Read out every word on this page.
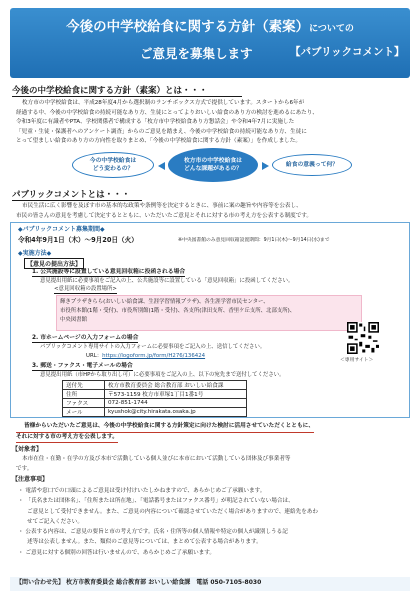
今後の中学校給食に関する方針（素案）についての
ご意見を募集します	【パブリックコメント】
今後の中学校給食に関する方針（素案）とは・・・
枚方市の中学校給食は、平成28年度4月から選択制のランチボックス方式で提供しています。スタートから6年が
経過する中、今後の中学校給食の持続可能なあり方、生徒にとってよりおいしい給食のあり方の検討を進めるにあたり、
令和3年度に有識者やPTA、学校関係者で構成する「枚方市中学校給食あり方懇話会」や令和4年7月に実施した
「児童・生徒・保護者へのアンケート調査」からのご意見を踏まえ、今後の中学校給食の持続可能なあり方、生徒に
とって望ましい給食のあり方の方向性を取りまとめ、「今後の中学校給食に関する方針（素案）」を作成しました。
今の中学校給食は
どう変わるの？
枚方市の中学校給食は
どんな課題があるの？
給食の意義って何？
パブリックコメントとは・・・
市民生活に広く影響を及ぼす市の基本的な政策や条例等を決定するときに、事前に案の趣旨や内容等を公表し、
市民の皆さんの意見を考慮して決定するとともに、いただいたご意見とそれに対する市の考え方を公表する制度です。
◆パブリックコメント募集期間◆
令和4年9月1日（木）～9月20日（火）	※中央図書館のみ意見回収箱設置期間：9月1日(木)～9月14日(水)まで
◆実施方法◆
【意見の提出方法】
1. 公共施設等に設置している意見回収箱に投函される場合
意見提出用紙に必要事項をご記入の上、公共施設等に設置している「意見回収箱」に投函してください。
<意見回収箱の設置場所>
輝きプラザきらら(おいしい給食課、生涯学習情報プラザ)、各生涯学習市民センター、
市役所本館(1階・受付)、市役所別館(1階・受付)、各支所(津田支所、香里ケ丘支所、北部支所)、
中央図書館
2. 市ホームページの入力フォームの場合
パブリックコメント専用サイトの入力フォームに必要事項をご記入の上、送信してください。
URL：https://logoform.jp/form/H276/136424
＜専用サイト＞
3. 郵送・ファクス・電子メールの場合
意見提出用紙（市HPから取り出し可）に必要事項をご記入の上、以下の宛先まで送付してください。
送付先	枚方市教育委員会 総合教育部 おいしい給食課
住所	〒573-1159 枚方市車塚1丁目1番1号
ファクス	072-851-1744
メール	kyushok@city.hirakata.osaka.jp
皆様からいただいたご意見は、今後の中学校給食に関する方針策定に向けた検討に活用させていただくとともに、 それに対する市の考え方を公表します。
【対象者】
本市在住・在勤・在学の方及び本市で活動している個人並びに本市において活動している団体及び事業者等
です。
【注意事項】
・ 電話や窓口での口頭によるご意見は受け付けいたしかねますので、あらかじめご了承願います。
・ 「氏名または団体名」、「住所または所在地」、「電話番号またはファクス番号」が明記されていない場合は、
ご意見として受付できません。また、ご意見の内容について確認させていただく場合がありますので、連絡先をあわ
せてご記入ください。
・ 公表する内容は、ご意見の要旨と市の考え方です。氏名・住所等の個人情報や特定の個人が識別しうる記
述等は公表しません。また、類似のご意見等については、まとめて公表する場合があります。
・ ご意見に対する個別の回答は行いませんので、あらかじめご了承願います。
【問い合わせ先】 枚方市教育委員会 総合教育部 おいしい給食課　電話 050-7105-8030
